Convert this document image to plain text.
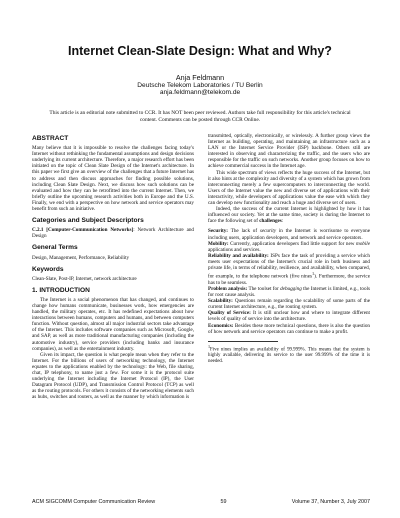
Internet Clean-Slate Design: What and Why?
Anja Feldmann
Deutsche Telekom Laboratories / TU Berlin
anja.feldmann@telekom.de
This article is an editorial note submitted to CCR. It has NOT been peer reviewed. Authors take full responsibility for this article's technical content. Comments can be posted through CCR Online.
ABSTRACT

Many believe that it is impossible to resolve the challenges facing today's Internet without rethinking the fundamental assumptions and design decisions underlying its current architecture. Therefore, a major research effort has been initiated on the topic of Clean Slate Design of the Internet's architecture. In this paper we first give an overview of the challenges that a future Internet has to address and then discuss approaches for finding possible solutions, including Clean Slate Design. Next, we discuss how such solutions can be evaluated and how they can be retrofitted into the current Internet. Then, we briefly outline the upcoming research activities both in Europe and the U.S. Finally, we end with a perspective on how network and service operators may benefit from such an initiative.

Categories and Subject Descriptors

C.2.1 [Computer-Communication Networks]: Network Architecture and Design

General Terms

Design, Management, Performance, Reliability

Keywords

Clean-Slate, Post-IP, Internet, network architecture

1. INTRODUCTION

The Internet is a social phenomenon that has changed, and continues to change how humans communicate, businesses work, how emergencies are handled, the military operates, etc. It has redefined expectations about how interactions between humans, computers and humans, and between computers function. Without question, almost all major industrial sectors take advantage of the Internet. This includes software companies such as Microsoft, Google, and SAP, as well as more traditional manufacturing companies (including the automotive industry), service providers (including banks and insurance companies), as well as the entertainment industry.

Given its impact, the question is what people mean when they refer to the Internet. For the billions of users of networking technology, the Internet equates to the applications enabled by the technology: the Web, file sharing, chat, IP telephony, to name just a few. For some it is the protocol suite underlying the Internet including the Internet Protocol (IP), the User Datagram Protocol (UDP), and Transmission Control Protocol (TCP) as well as the routing protocols. For others it consists of the networking elements such as hubs, switches and routers, as well as the manner by which information is

transmitted, optically, electronically, or wirelessly. A further group views the Internet as building, operating, and maintaining an infrastructure such as a LAN or the Internet Service Provider (ISP) backbone. Others still are interested in observing and characterizing the traffic, and the users who are responsible for the traffic on such networks. Another group focuses on how to achieve commercial success in the Internet age.

This wide spectrum of views reflects the huge success of the Internet, but it also hints at the complexity and diversity of a system which has grown from interconnecting merely a few supercomputers to interconnecting the world. Users of the Internet value the new and diverse set of applications with their interactivity, while developers of applications value the ease with which they can develop new functionality and reach a huge and diverse set of users.

Indeed, the success of the current Internet is highlighted by how it has influenced our society. Yet at the same time, society is during the Internet to face the following set of challenges:

Security: The lack of security in the Internet is worrisome to everyone including users, application developers, and network and service operators.

Mobility: Currently, application developers find little support for new mobile applications and services.

Reliability and availability: ISPs face the task of providing a service which meets user expectations of the Internet's crucial role in both business and private life, in terms of reliability, resilience, and availability, when compared, for example, to the telephone network (five nines$^1$). Furthermore, the service has to be seamless.

Problem analysis: The toolset for debugging the Internet is limited, e.g., tools for root cause analysis.

Scalability: Questions remain regarding the scalability of some parts of the current Internet architecture, e.g., the routing system.

Quality of Service: It is still unclear how and where to integrate different levels of quality of service into the architecture.

Economics: Besides these more technical questions, there is also the question of how network and service operators can continue to make a profit.

$^1$Five nines implies an availability of 99.999%. This means that the system is highly available, delivering its service to the user 99.999% of the time it is needed.
ACM SIGCOMM Computer Communication Review	59	Volume 37, Number 3, July 2007
